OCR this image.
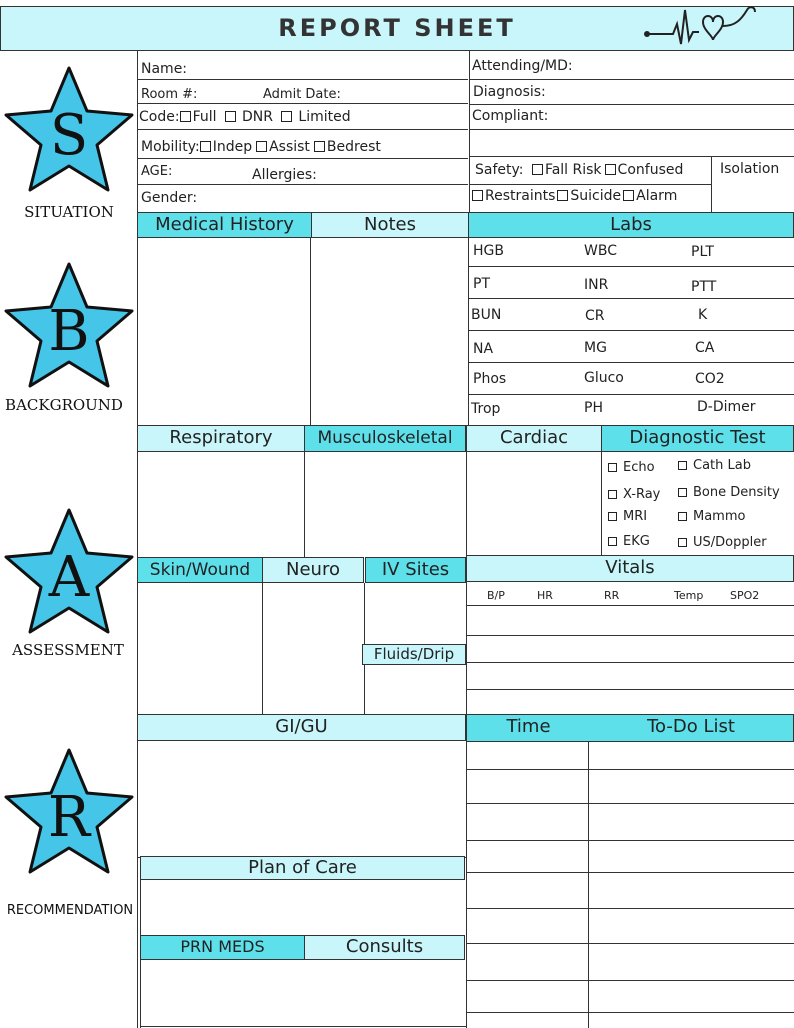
REPORT SHEET
S
SITUATION
B
BACKGROUND
A
ASSESSMENT
R
RECOMMENDATION
Name:
Room #:	Admit Date:
Code: Full DNR Limited
Mobility: Indep Assist Bedrest
AGE:	Allergies:
Gender:
Attending/MD:
Diagnosis:
Compliant:
Safety: Fall Risk Confused	Isolation
Restraints Suicide Alarm
Medical History	Notes	Labs
HGB	WBC	PLT
PT	INR	PTT
BUN	CR	K
NA	MG	CA
Phos	Gluco	CO2
Trop	PH	D-Dimer
Respiratory	Musculoskeletal	Cardiac	Diagnostic Test
Echo	Cath Lab
X-Ray	Bone Density
MRI	Mammo
EKG	US/Doppler
Skin/Wound	Neuro	IV Sites	Vitals
Fluids/Drip
B/P	HR	RR	Temp SPO2
GI/GU	Time	To-Do List
Plan of Care
PRN MEDS	Consults
